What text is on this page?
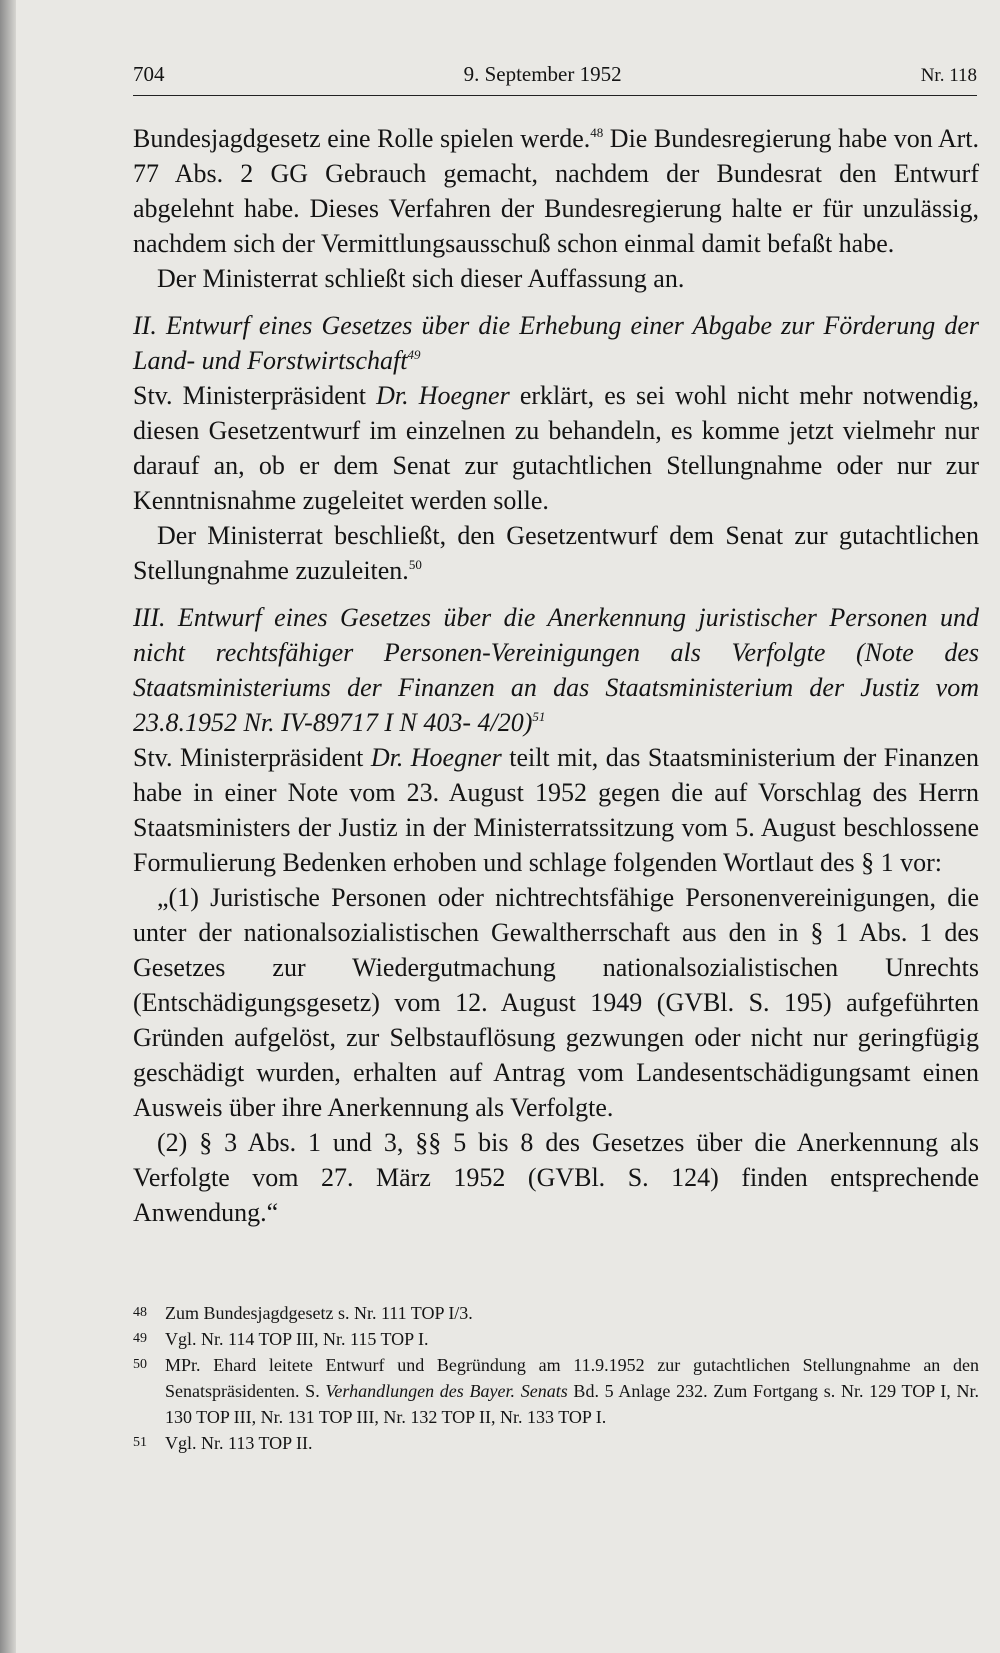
704	9. September 1952	Nr. 118

Bundesjagdgesetz eine Rolle spielen werde.$^{48}$ Die Bundesregierung habe von Art. 77 Abs. 2 GG Gebrauch gemacht, nachdem der Bundesrat den Entwurf abgelehnt habe. Dieses Verfahren der Bundesregierung halte er für unzulässig, nachdem sich der Vermittlungsausschuß schon einmal damit befaßt habe.

Der Ministerrat schließt sich dieser Auffassung an.

II. Entwurf eines Gesetzes über die Erhebung einer Abgabe zur Förderung der Land- und Forstwirtschaft$^{49}$

Stv. Ministerpräsident Dr. Hoegner erklärt, es sei wohl nicht mehr notwendig, diesen Gesetzentwurf im einzelnen zu behandeln, es komme jetzt vielmehr nur darauf an, ob er dem Senat zur gutachtlichen Stellungnahme oder nur zur Kenntnisnahme zugeleitet werden solle.

Der Ministerrat beschließt, den Gesetzentwurf dem Senat zur gutachtlichen Stellungnahme zuzuleiten.$^{50}$

III. Entwurf eines Gesetzes über die Anerkennung juristischer Personen und nicht rechtsfähiger Personen-Vereinigungen als Verfolgte (Note des Staatsministeriums der Finanzen an das Staatsministerium der Justiz vom 23.8.1952 Nr. IV-89717 I N 403- 4/20)$^{51}$

Stv. Ministerpräsident Dr. Hoegner teilt mit, das Staatsministerium der Finanzen habe in einer Note vom 23. August 1952 gegen die auf Vorschlag des Herrn Staatsministers der Justiz in der Ministerratssitzung vom 5. August beschlossene Formulierung Bedenken erhoben und schlage folgenden Wortlaut des § 1 vor:

„(1) Juristische Personen oder nichtrechtsfähige Personenvereinigungen, die unter der nationalsozialistischen Gewaltherrschaft aus den in § 1 Abs. 1 des Gesetzes zur Wiedergutmachung nationalsozialistischen Unrechts (Entschädigungsgesetz) vom 12. August 1949 (GVBl. S. 195) aufgeführten Gründen aufgelöst, zur Selbstauflösung gezwungen oder nicht nur geringfügig geschädigt wurden, erhalten auf Antrag vom Landesentschädigungsamt einen Ausweis über ihre Anerkennung als Verfolgte.

(2) § 3 Abs. 1 und 3, §§ 5 bis 8 des Gesetzes über die Anerkennung als Verfolgte vom 27. März 1952 (GVBl. S. 124) finden entsprechende Anwendung.“

48	Zum Bundesjagdgesetz s. Nr. 111 TOP I/3.
49	Vgl. Nr. 114 TOP III, Nr. 115 TOP I.
50	MPr. Ehard leitete Entwurf und Begründung am 11.9.1952 zur gutachtlichen Stellungnahme an den Senatspräsidenten. S. Verhandlungen des Bayer. Senats Bd. 5 Anlage 232. Zum Fortgang s. Nr. 129 TOP I, Nr. 130 TOP III, Nr. 131 TOP III, Nr. 132 TOP II, Nr. 133 TOP I.
51	Vgl. Nr. 113 TOP II.
